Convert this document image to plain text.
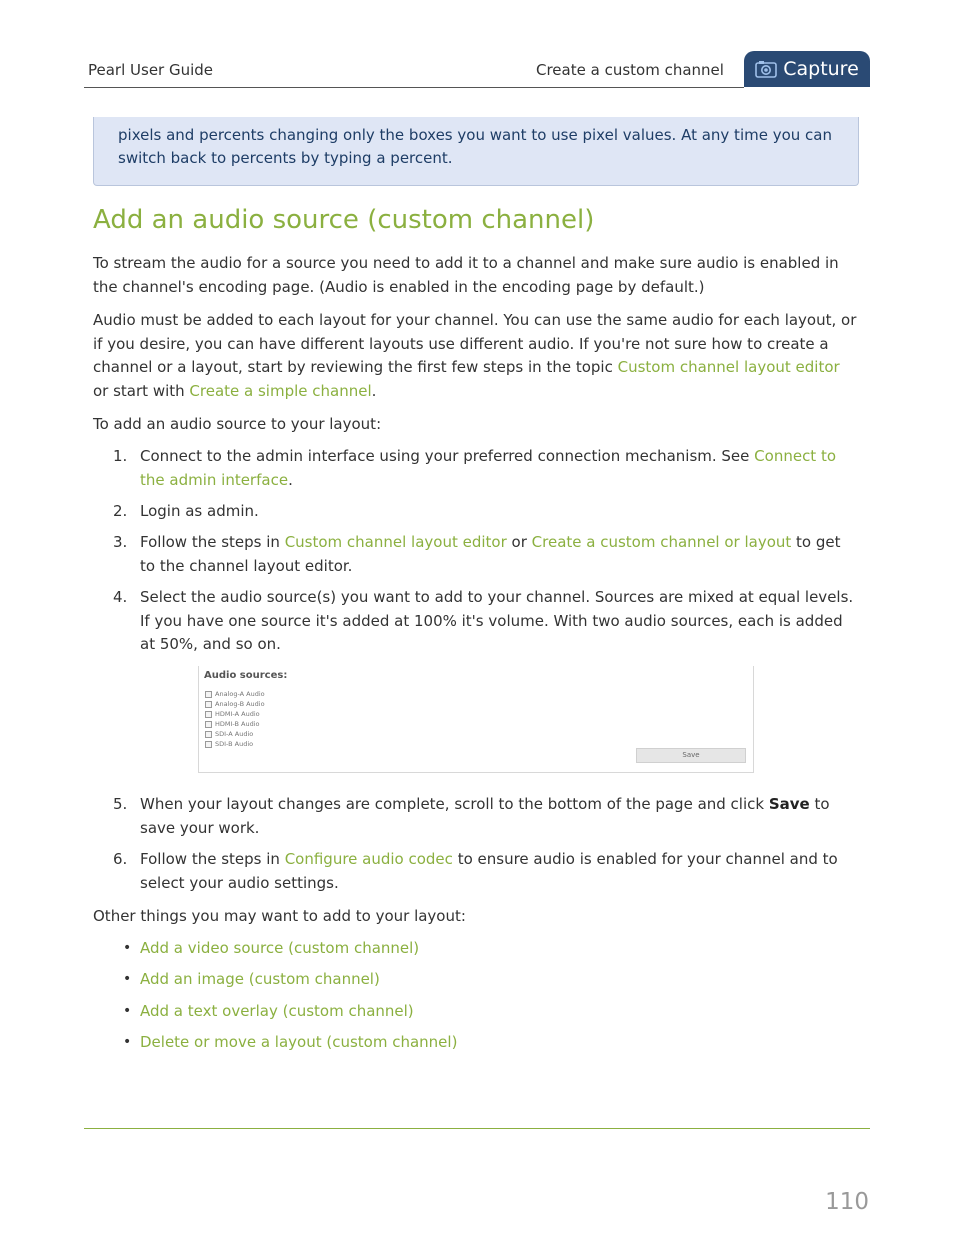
Pearl User Guide	Create a custom channel	Capture
pixels and percents changing only the boxes you want to use pixel values. At any time you can switch back to percents by typing a percent.
Add an audio source (custom channel)

To stream the audio for a source you need to add it to a channel and make sure audio is enabled in the channel's encoding page. (Audio is enabled in the encoding page by default.)

Audio must be added to each layout for your channel. You can use the same audio for each layout, or if you desire, you can have different layouts use different audio. If you're not sure how to create a channel or a layout, start by reviewing the first few steps in the topic Custom channel layout editor or start with Create a simple channel.

To add an audio source to your layout:

1. Connect to the admin interface using your preferred connection mechanism. See Connect to the admin interface.
2. Login as admin.
3. Follow the steps in Custom channel layout editor or Create a custom channel or layout to get to the channel layout editor.
4. Select the audio source(s) you want to add to your channel. Sources are mixed at equal levels. If you have one source it's added at 100% it's volume. With two audio sources, each is added at 50%, and so on.
Audio sources:
Analog-A Audio
Analog-B Audio
HDMI-A Audio
HDMI-B Audio
SDI-A Audio
SDI-B Audio
Save
5. When your layout changes are complete, scroll to the bottom of the page and click Save to save your work.
6. Follow the steps in Configure audio codec to ensure audio is enabled for your channel and to select your audio settings.

Other things you may want to add to your layout:

• Add a video source (custom channel)
• Add an image (custom channel)
• Add a text overlay (custom channel)
• Delete or move a layout (custom channel)
110
